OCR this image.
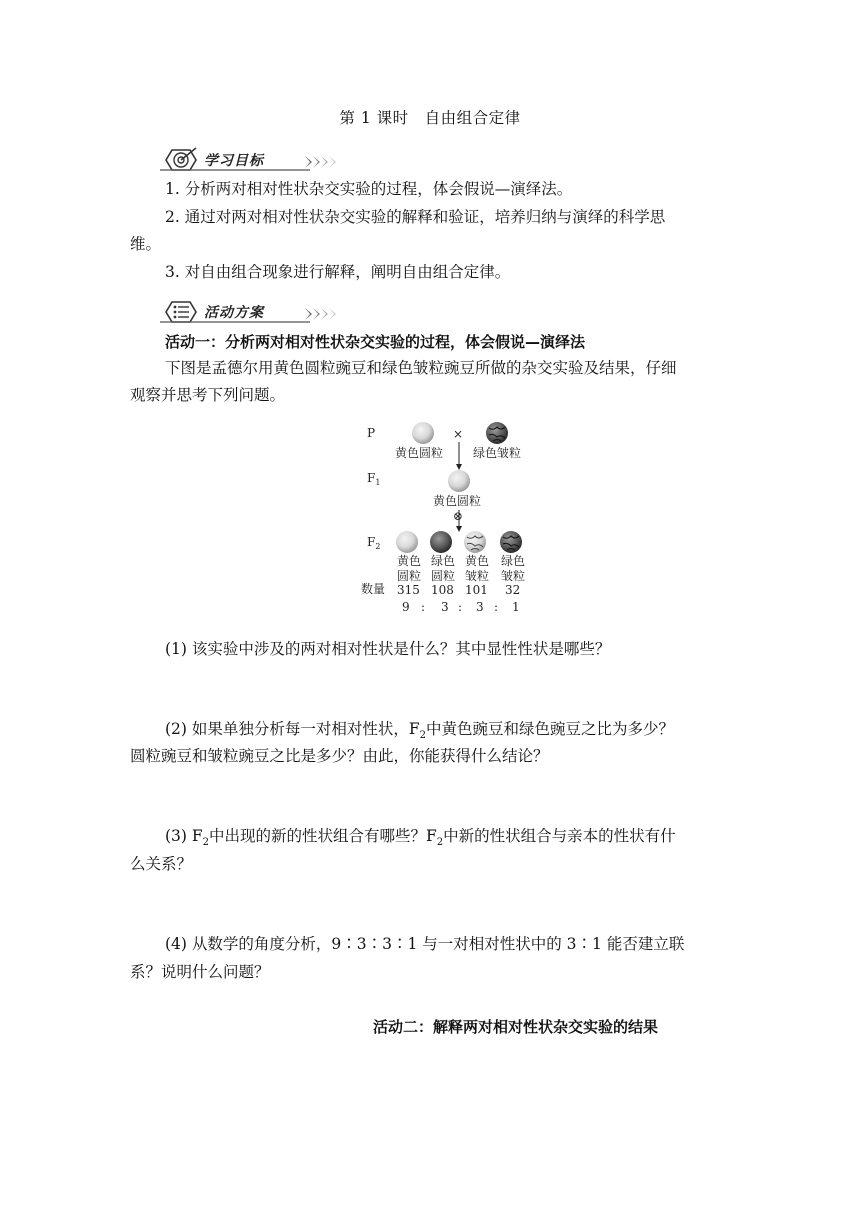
第 1 课时　自由组合定律
学习目标
1. 分析两对相对性状杂交实验的过程，体会假说—演绎法。
2. 通过对两对相对性状杂交实验的解释和验证，培养归纳与演绎的科学思
维。
3. 对自由组合现象进行解释，阐明自由组合定律。
活动方案
活动一：分析两对相对性状杂交实验的过程，体会假说—演绎法
下图是孟德尔用黄色圆粒豌豆和绿色皱粒豌豆所做的杂交实验及结果，仔细
观察并思考下列问题。
P	×
黄色圆粒 绿色皱粒
$F_1$
黄色圆粒
⊗
$F_2$
黄色 绿色 黄色 绿色
圆粒 圆粒 皱粒 皱粒
数量 315 108 101 32
9 : 3 : 3 : 1
(1) 该实验中涉及的两对相对性状是什么？其中显性性状是哪些？
(2) 如果单独分析每一对相对性状，$F_2$中黄色豌豆和绿色豌豆之比为多少？
圆粒豌豆和皱粒豌豆之比是多少？由此，你能获得什么结论？
(3) $F_2$中出现的新的性状组合有哪些？$F_2$中新的性状组合与亲本的性状有什
么关系？
(4) 从数学的角度分析，9∶3∶3∶1 与一对相对性状中的 3∶1 能否建立联
系？说明什么问题？
活动二：解释两对相对性状杂交实验的结果
